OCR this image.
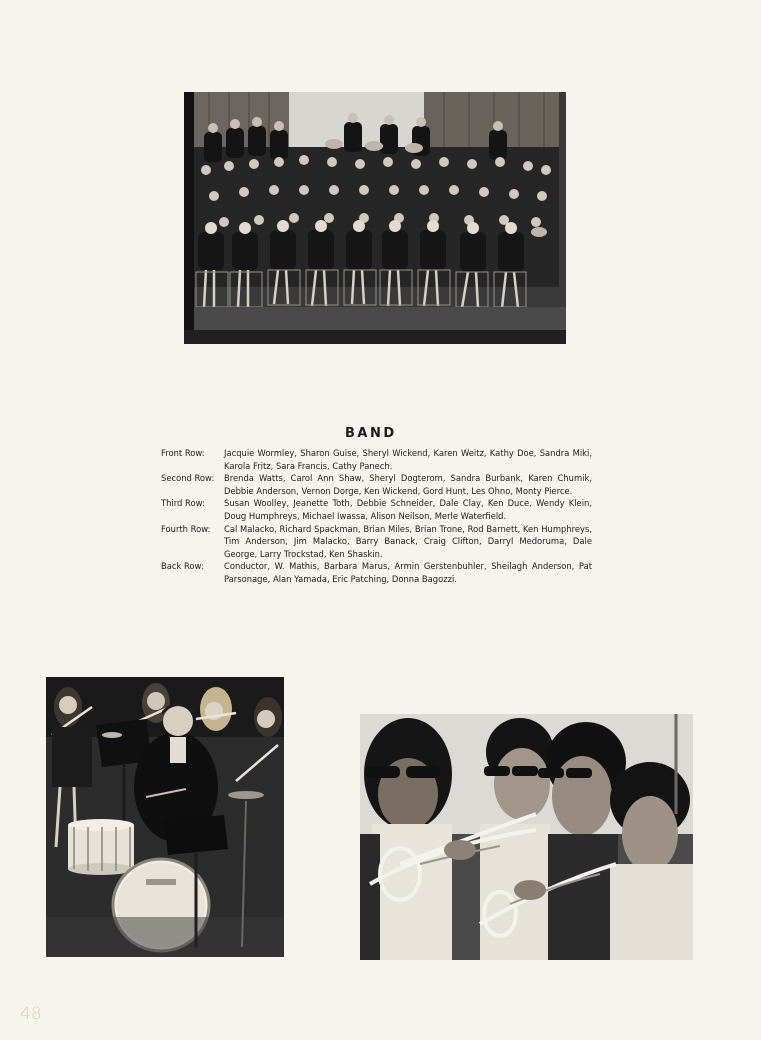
BAND
Front Row:	Jacquie Wormley, Sharon Guise, Sheryl Wickend, Karen Weitz, Kathy Doe, Sandra Miki, Karola Fritz, Sara Francis, Cathy Panech.
Second Row:	Brenda Watts, Carol Ann Shaw, Sheryl Dogterom, Sandra Burbank, Karen Chumik, Debbie Anderson, Vernon Dorge, Ken Wickend, Gord Hunt, Les Ohno, Monty Pierce.
Third Row:	Susan Woolley, Jeanette Toth, Debbie Schneider, Dale Clay, Ken Duce, Wendy Klein, Doug Humphreys, Michael Iwassa, Alison Neilson, Merle Waterfield.
Fourth Row:	Cal Malacko, Richard Spackman, Brian Miles, Brian Trone, Rod Barnett, Ken Humphreys, Tim Anderson, Jim Malacko, Barry Banack, Craig Clifton, Darryl Medoruma, Dale George, Larry Trockstad, Ken Shaskin.
Back Row:	Conductor, W. Mathis, Barbara Marus, Armin Gerstenbuhler, Sheilagh Anderson, Pat Parsonage, Alan Yamada, Eric Patching, Donna Bagozzi.
48
